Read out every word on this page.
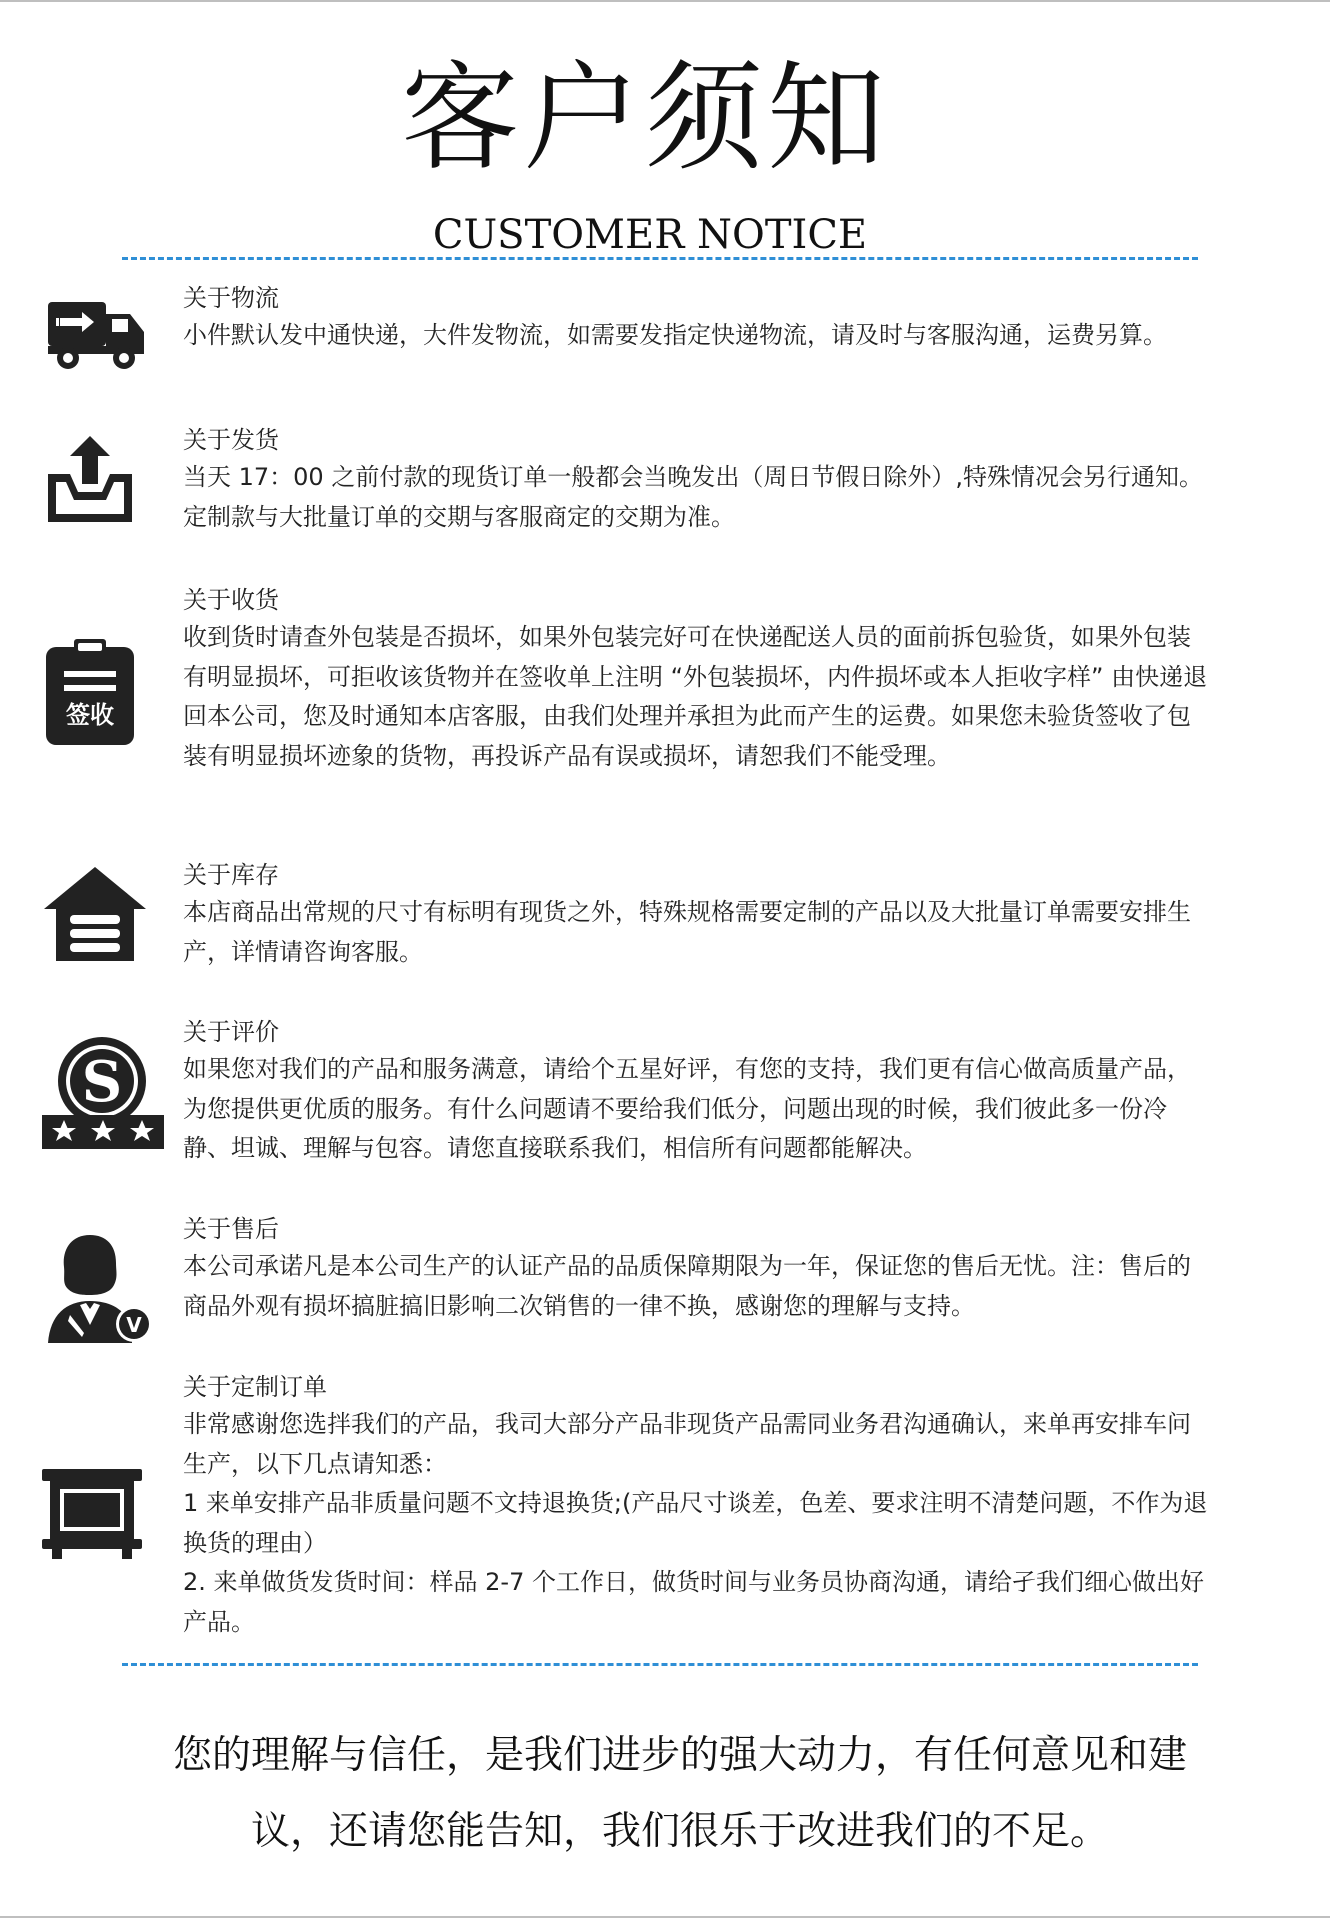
客户须知
CUSTOMER NOTICE
关于物流

小件默认发中通快递，大件发物流，如需要发指定快递物流，请及时与客服沟通，运费另算。

关于发货

当天 17：00 之前付款的现货订单一般都会当晚发出（周日节假日除外）,特殊情况会另行通知。定制款与大批量订单的交期与客服商定的交期为准。

签收
关于收货

收到货时请查外包装是否损坏，如果外包装完好可在快递配送人员的面前拆包验货，如果外包装有明显损坏，可拒收该货物并在签收单上注明 “外包装损坏，内件损坏或本人拒收字样” 由快递退回本公司，您及时通知本店客服，由我们处理并承担为此而产生的运费。如果您未验货签收了包装有明显损坏迹象的货物，再投诉产品有误或损坏，请恕我们不能受理。

关于库存

本店商品出常规的尺寸有标明有现货之外，特殊规格需要定制的产品以及大批量订单需要安排生产，详情请咨询客服。

S
关于评价

如果您对我们的产品和服务满意，请给个五星好评，有您的支持，我们更有信心做高质量产品，为您提供更优质的服务。有什么问题请不要给我们低分，问题出现的时候，我们彼此多一份冷静、坦诚、理解与包容。请您直接联系我们，相信所有问题都能解决。

V
关于售后

本公司承诺凡是本公司生产的认证产品的品质保障期限为一年，保证您的售后无忧。注：售后的商品外观有损坏搞脏搞旧影响二次销售的一律不换，感谢您的理解与支持。

关于定制订单

非常感谢您选拌我们的产品，我司大部分产品非现货产品需同业务君沟通确认，来单再安排车问生产，以下几点请知悉：

1 来单安排产品非质量问题不文持退换货;(产品尺寸谈差，色差、要求注明不清楚问题，不作为退换货的理由）

2. 来单做货发货时间：样品 2-7 个工作日，做货时间与业务员协商沟通，请给孑我们细心做出好产品。

您的理解与信任，是我们进步的强大动力，有任何意见和建议，还请您能告知，我们很乐于改进我们的不足。
